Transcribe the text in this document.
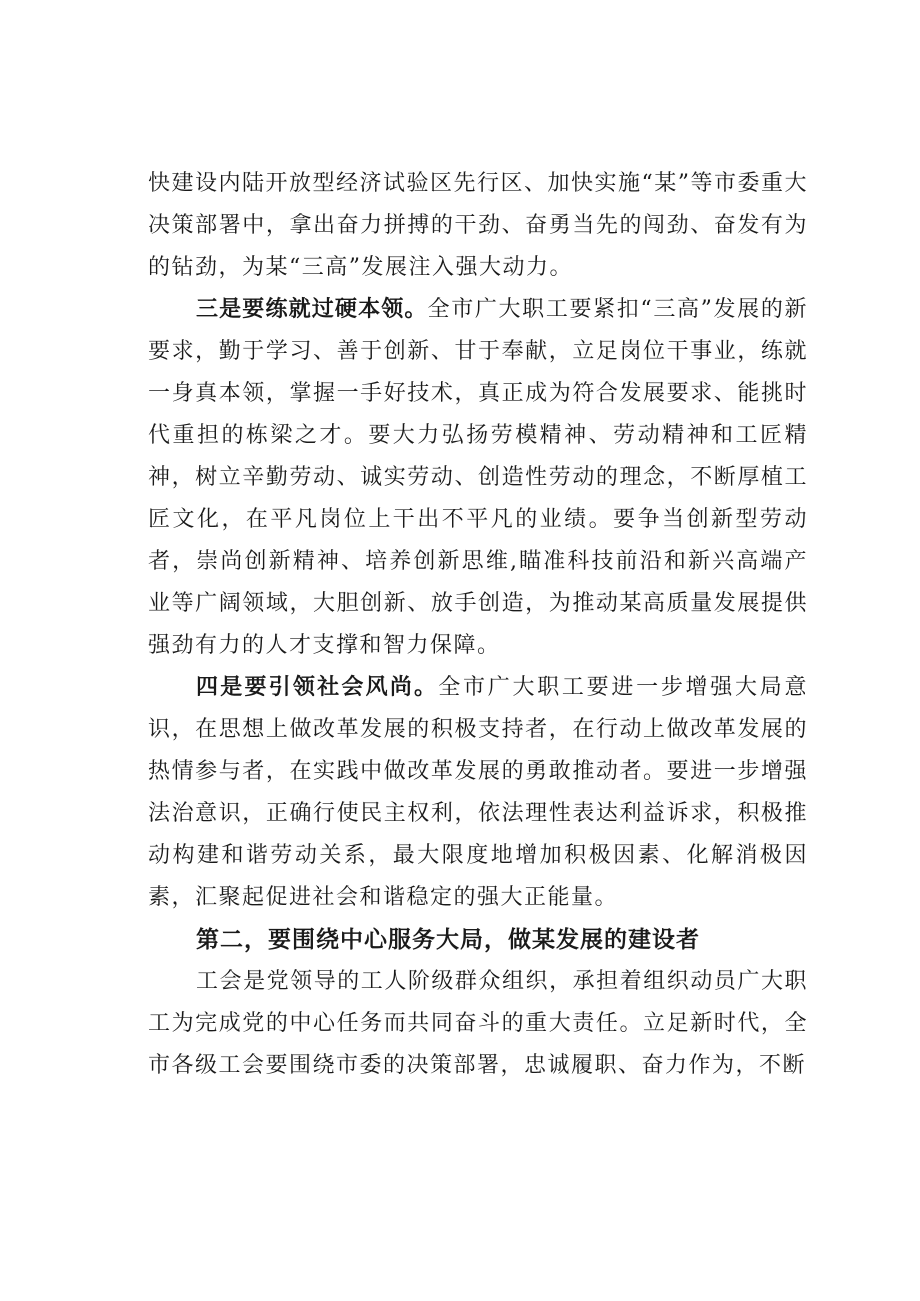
快建设内陆开放型经济试验区先行区、加快实施“某”等市委重大决策部署中，拿出奋力拼搏的干劲、奋勇当先的闯劲、奋发有为的钻劲，为某“三高”发展注入强大动力。

三是要练就过硬本领。全市广大职工要紧扣“三高”发展的新要求，勤于学习、善于创新、甘于奉献，立足岗位干事业，练就一身真本领，掌握一手好技术，真正成为符合发展要求、能挑时代重担的栋梁之才。要大力弘扬劳模精神、劳动精神和工匠精神，树立辛勤劳动、诚实劳动、创造性劳动的理念，不断厚植工匠文化，在平凡岗位上干出不平凡的业绩。要争当创新型劳动者，崇尚创新精神、培养创新思维,瞄准科技前沿和新兴高端产业等广阔领域，大胆创新、放手创造，为推动某高质量发展提供强劲有力的人才支撑和智力保障。

四是要引领社会风尚。全市广大职工要进一步增强大局意识，在思想上做改革发展的积极支持者，在行动上做改革发展的热情参与者，在实践中做改革发展的勇敢推动者。要进一步增强法治意识，正确行使民主权利，依法理性表达利益诉求，积极推动构建和谐劳动关系，最大限度地增加积极因素、化解消极因素，汇聚起促进社会和谐稳定的强大正能量。

第二，要围绕中心服务大局，做某发展的建设者

工会是党领导的工人阶级群众组织，承担着组织动员广大职工为完成党的中心任务而共同奋斗的重大责任。立足新时代，全市各级工会要围绕市委的决策部署，忠诚履职、奋力作为，不断
